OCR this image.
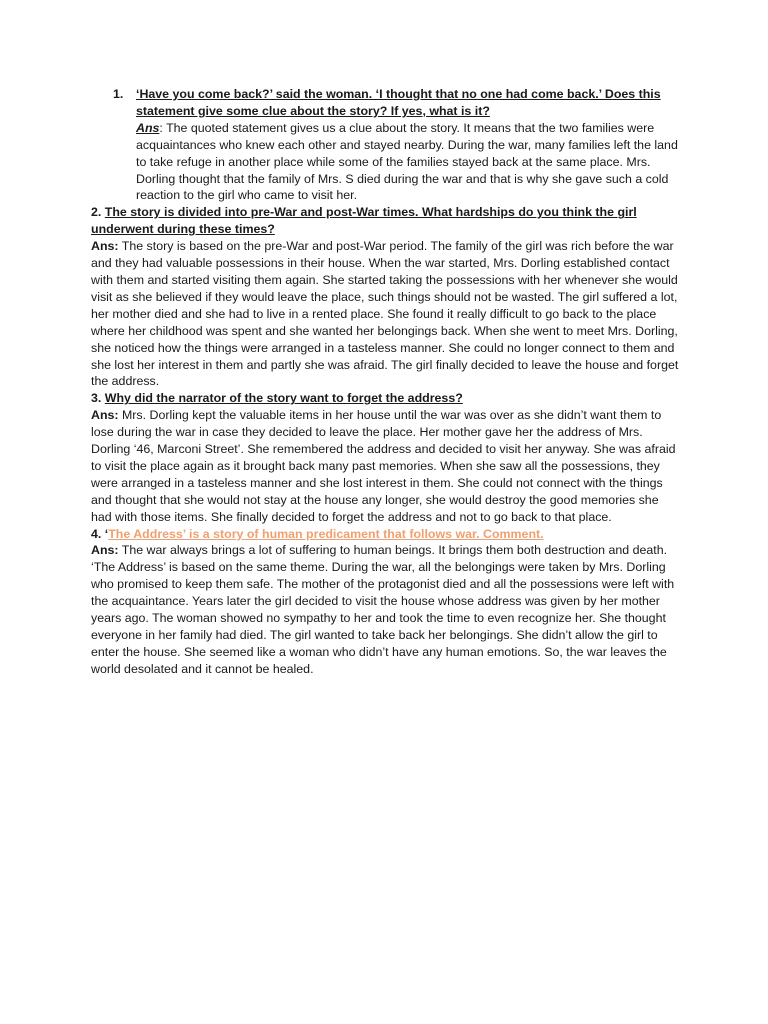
1. ‘Have you come back?’ said the woman. ‘I thought that no one had come back.’ Does this statement give some clue about the story? If yes, what is it?

Ans: The quoted statement gives us a clue about the story. It means that the two families were acquaintances who knew each other and stayed nearby. During the war, many families left the land to take refuge in another place while some of the families stayed back at the same place. Mrs. Dorling thought that the family of Mrs. S died during the war and that is why she gave such a cold reaction to the girl who came to visit her.

2. The story is divided into pre-War and post-War times. What hardships do you think the girl underwent during these times?

Ans: The story is based on the pre-War and post-War period. The family of the girl was rich before the war and they had valuable possessions in their house. When the war started, Mrs. Dorling established contact with them and started visiting them again. She started taking the possessions with her whenever she would visit as she believed if they would leave the place, such things should not be wasted. The girl suffered a lot, her mother died and she had to live in a rented place. She found it really difficult to go back to the place where her childhood was spent and she wanted her belongings back. When she went to meet Mrs. Dorling, she noticed how the things were arranged in a tasteless manner. She could no longer connect to them and she lost her interest in them and partly she was afraid. The girl finally decided to leave the house and forget the address.

3. Why did the narrator of the story want to forget the address?

Ans: Mrs. Dorling kept the valuable items in her house until the war was over as she didn’t want them to lose during the war in case they decided to leave the place. Her mother gave her the address of Mrs. Dorling ‘46, Marconi Street’. She remembered the address and decided to visit her anyway. She was afraid to visit the place again as it brought back many past memories. When she saw all the possessions, they were arranged in a tasteless manner and she lost interest in them. She could not connect with the things and thought that she would not stay at the house any longer, she would destroy the good memories she had with those items. She finally decided to forget the address and not to go back to that place.

4. ‘The Address’ is a story of human predicament that follows war. Comment.

Ans: The war always brings a lot of suffering to human beings. It brings them both destruction and death. ‘The Address’ is based on the same theme. During the war, all the belongings were taken by Mrs. Dorling who promised to keep them safe. The mother of the protagonist died and all the possessions were left with the acquaintance. Years later the girl decided to visit the house whose address was given by her mother years ago. The woman showed no sympathy to her and took the time to even recognize her. She thought everyone in her family had died. The girl wanted to take back her belongings. She didn’t allow the girl to enter the house. She seemed like a woman who didn’t have any human emotions. So, the war leaves the world desolated and it cannot be healed.
